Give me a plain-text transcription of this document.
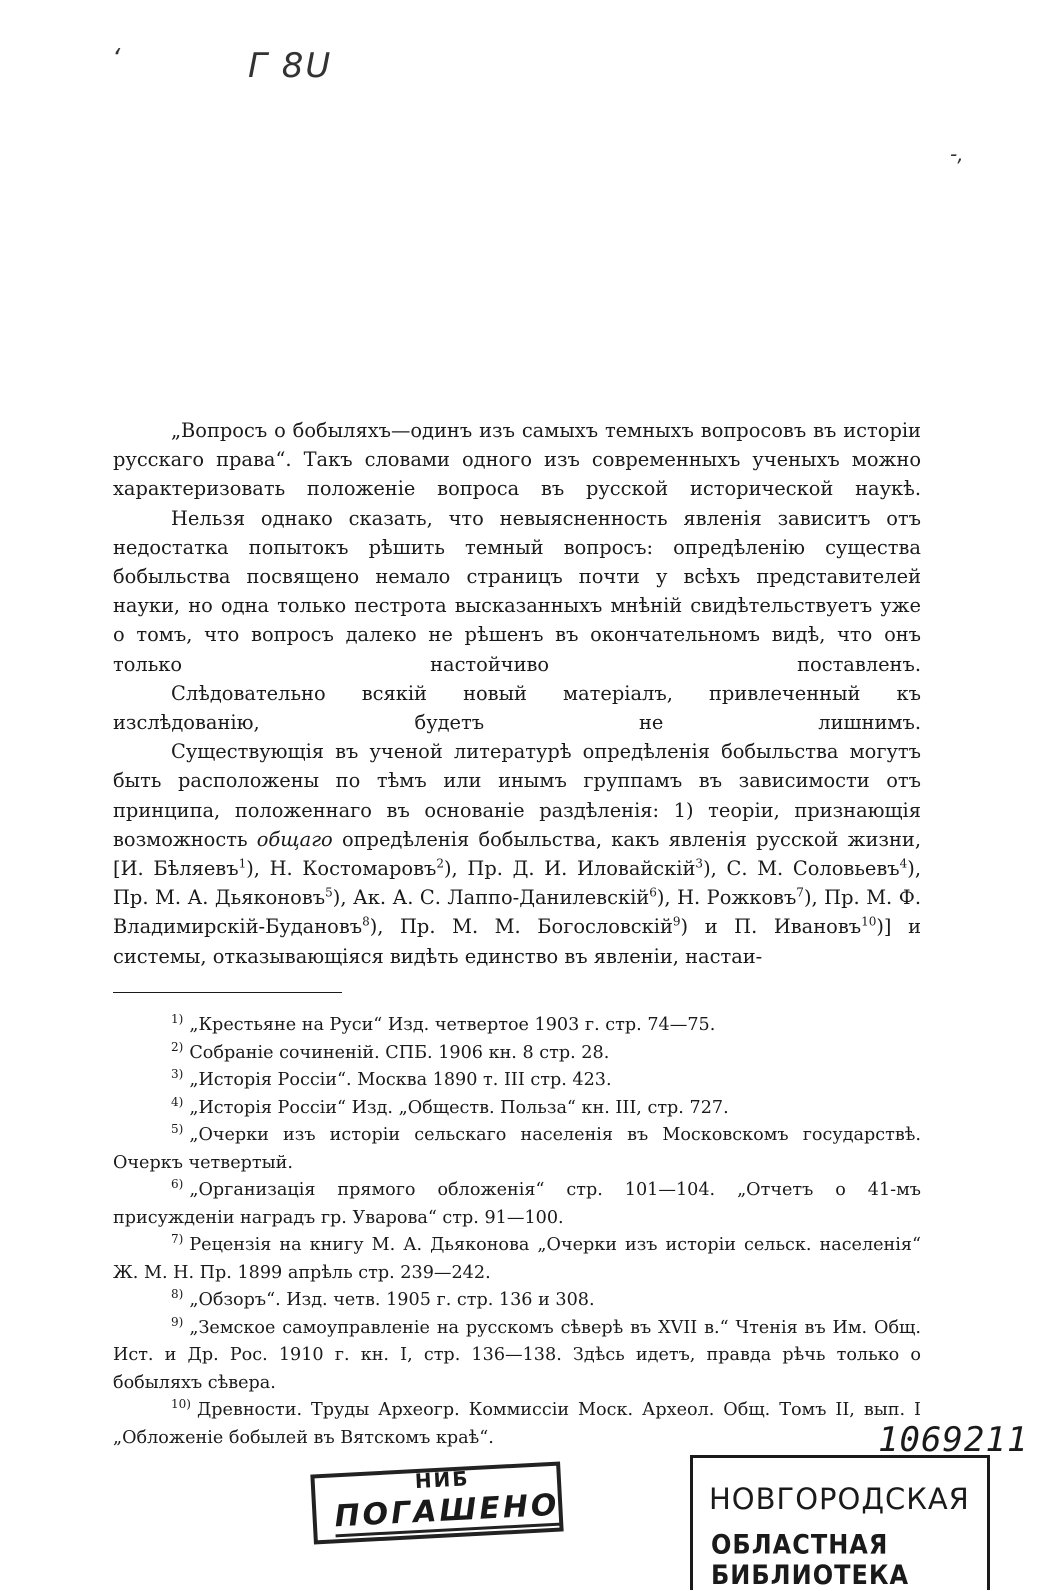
‘	Г 8U
-‚

„Вопросъ о бобыляхъ—одинъ изъ самыхъ темныхъ вопросовъ въ исторіи русскаго права“. Такъ словами одного изъ современныхъ ученыхъ можно характеризовать положеніе вопроса въ русской исторической наукѣ.

Нельзя однако сказать, что невыясненность явленія зависитъ отъ недостатка попытокъ рѣшить темный вопросъ: опредѣленію существа бобыльства посвящено немало страницъ почти у всѣхъ представителей науки, но одна только пестрота высказанныхъ мнѣній свидѣтельствуетъ уже о томъ, что вопросъ далеко не рѣшенъ въ окончательномъ видѣ, что онъ только настойчиво поставленъ.

Слѣдовательно всякій новый матеріалъ, привлеченный къ изслѣдованію, будетъ не лишнимъ.

Существующія въ ученой литературѣ опредѣленія бобыльства могутъ быть расположены по тѣмъ или инымъ группамъ въ зависимости отъ принципа, положеннаго въ основаніе раздѣленія: 1) теоріи, признающія возможность общаго опредѣленія бобыльства, какъ явленія русской жизни, [И. Бѣляевъ$^1$), Н. Костомаровъ$^2$), Пр. Д. И. Иловайскій$^3$), С. М. Соловьевъ$^4$), Пр. М. А. Дьяконовъ$^5$), Ак. А. С. Лаппо-Данилевскій$^6$), Н. Рожковъ$^7$), Пр. М. Ф. Владимирскій-Будановъ$^8$), Пр. М. М. Богословскій$^9$) и П. Ивановъ$^{10}$)] и системы, отказывающіяся видѣть единство въ явленіи, настаи-

$^{1)}$ „Крестьяне на Руси“ Изд. четвертое 1903 г. стр. 74—75.

$^{2)}$ Собраніе сочиненій. СПБ. 1906 кн. 8 стр. 28.

$^{3)}$ „Исторія Россіи“. Москва 1890 т. III стр. 423.

$^{4)}$ „Исторія Россіи“ Изд. „Обществ. Польза“ кн. III, стр. 727.

$^{5)}$ „Очерки изъ исторіи сельскаго населенія въ Московскомъ государствѣ. Очеркъ четвертый.

$^{6)}$ „Организація прямого обложенія“ стр. 101—104. „Отчетъ о 41-мъ присужденіи наградъ гр. Уварова“ стр. 91—100.

$^{7)}$ Рецензія на книгу М. А. Дьяконова „Очерки изъ исторіи сельск. населенія“ Ж. М. Н. Пр. 1899 апрѣль стр. 239—242.

$^{8)}$ „Обзоръ“. Изд. четв. 1905 г. стр. 136 и 308.

$^{9)}$ „Земское самоуправленіе на русскомъ сѣверѣ въ XVII в.“ Чтенія въ Им. Общ. Ист. и Др. Рос. 1910 г. кн. I, стр. 136—138. Здѣсь идетъ, правда рѣчь только о бобыляхъ сѣвера.

$^{10)}$ Древности. Труды Археогр. Коммиссіи Моск. Археол. Общ. Томъ II, вып. I „Обложеніе бобылей въ Вятскомъ краѣ“.	1069211
НИБ
ПОГАШЕНО	НОВГОРОДСКАЯ
ОБЛАСТНАЯ БИБЛИОТЕКА
